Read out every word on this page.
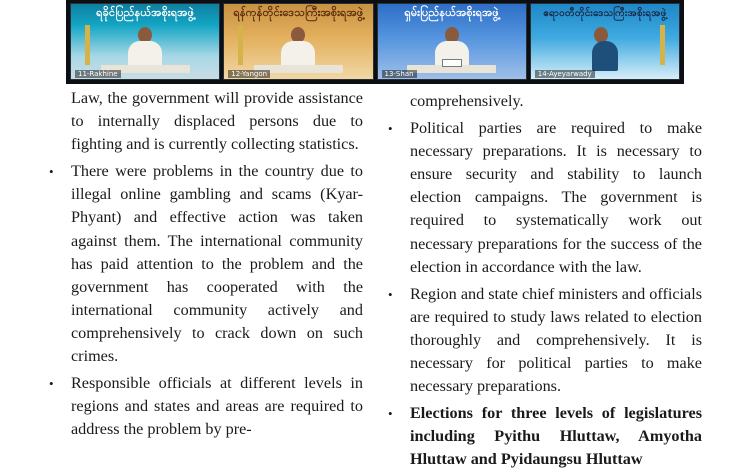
ရခိုင်ပြည်နယ်အစိုးရအဖွဲ့
11-Rakhine
ရန်ကုန်တိုင်းဒေသကြီးအစိုးရအဖွဲ့
12-Yangon
ရှမ်းပြည်နယ်အစိုးရအဖွဲ့
13-Shan
ဧရာဝတီတိုင်းဒေသကြီးအစိုးရအဖွဲ့
14-Ayeyarwady

Law, the government will provide assistance to internally displaced persons due to fighting and is currently collecting statistics.

• There were problems in the country due to illegal online gambling and scams (Kyar- Phyant) and effective action was taken against them. The international community has paid attention to the problem and the government has cooperated with the international community actively and comprehensively to crack down on such crimes.
• Responsible officials at different levels in regions and states and areas are required to address the problem by pre-

comprehensively.

• Political parties are required to make necessary preparations. It is necessary to ensure security and stability to launch election campaigns. The government is required to systematically work out necessary preparations for the success of the election in accordance with the law.
• Region and state chief ministers and officials are required to study laws related to election thoroughly and comprehensively. It is necessary for political parties to make necessary preparations.
• Elections for three levels of legislatures including Pyithu Hluttaw, Amyotha Hluttaw and Pyidaungsu Hluttaw
